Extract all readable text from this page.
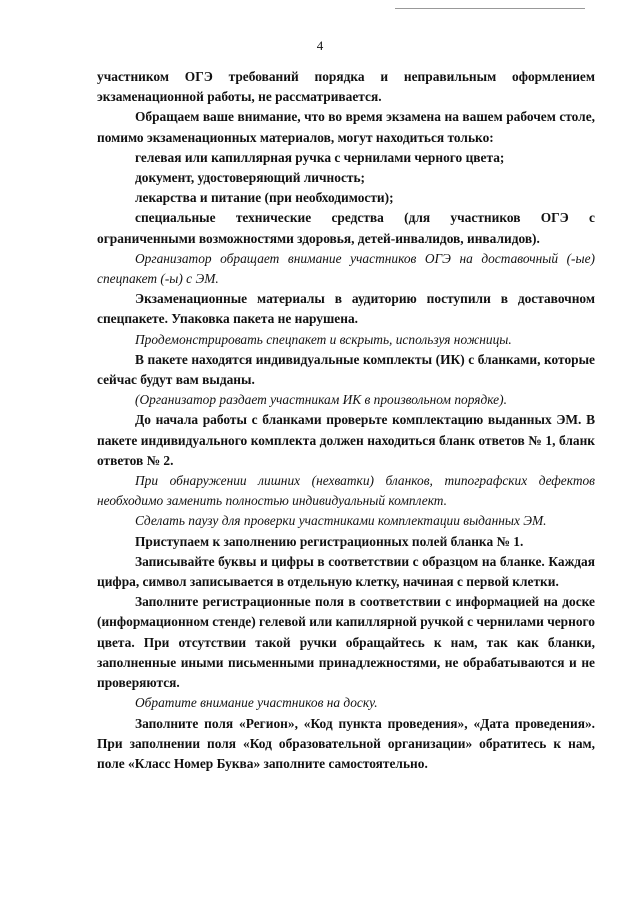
4

участником ОГЭ требований порядка и неправильным оформлением экзаменационной работы, не рассматривается.

Обращаем ваше внимание, что во время экзамена на вашем рабочем столе, помимо экзаменационных материалов, могут находиться только:

гелевая или капиллярная ручка с чернилами черного цвета;

документ, удостоверяющий личность;

лекарства и питание (при необходимости);

специальные технические средства (для участников ОГЭ с ограниченными возможностями здоровья, детей-инвалидов, инвалидов).

Организатор обращает внимание участников ОГЭ на доставочный (-ые) спецпакет (-ы) с ЭМ.

Экзаменационные материалы в аудиторию поступили в доставочном спецпакете. Упаковка пакета не нарушена.

Продемонстрировать спецпакет и вскрыть, используя ножницы.

В пакете находятся индивидуальные комплекты (ИК) с бланками, которые сейчас будут вам выданы.

(Организатор раздает участникам ИК в произвольном порядке).

До начала работы с бланками проверьте комплектацию выданных ЭМ. В пакете индивидуального комплекта должен находиться бланк ответов № 1, бланк ответов № 2.

При обнаружении лишних (нехватки) бланков, типографских дефектов необходимо заменить полностью индивидуальный комплект.

Сделать паузу для проверки участниками комплектации выданных ЭМ.

Приступаем к заполнению регистрационных полей бланка № 1.

Записывайте буквы и цифры в соответствии с образцом на бланке. Каждая цифра, символ записывается в отдельную клетку, начиная с первой клетки.

Заполните регистрационные поля в соответствии с информацией на доске (информационном стенде) гелевой или капиллярной ручкой с чернилами черного цвета. При отсутствии такой ручки обращайтесь к нам, так как бланки, заполненные иными письменными принадлежностями, не обрабатываются и не проверяются.

Обратите внимание участников на доску.

Заполните поля «Регион», «Код пункта проведения», «Дата проведения». При заполнении поля «Код образовательной организации» обратитесь к нам, поле «Класс Номер Буква» заполните самостоятельно.
